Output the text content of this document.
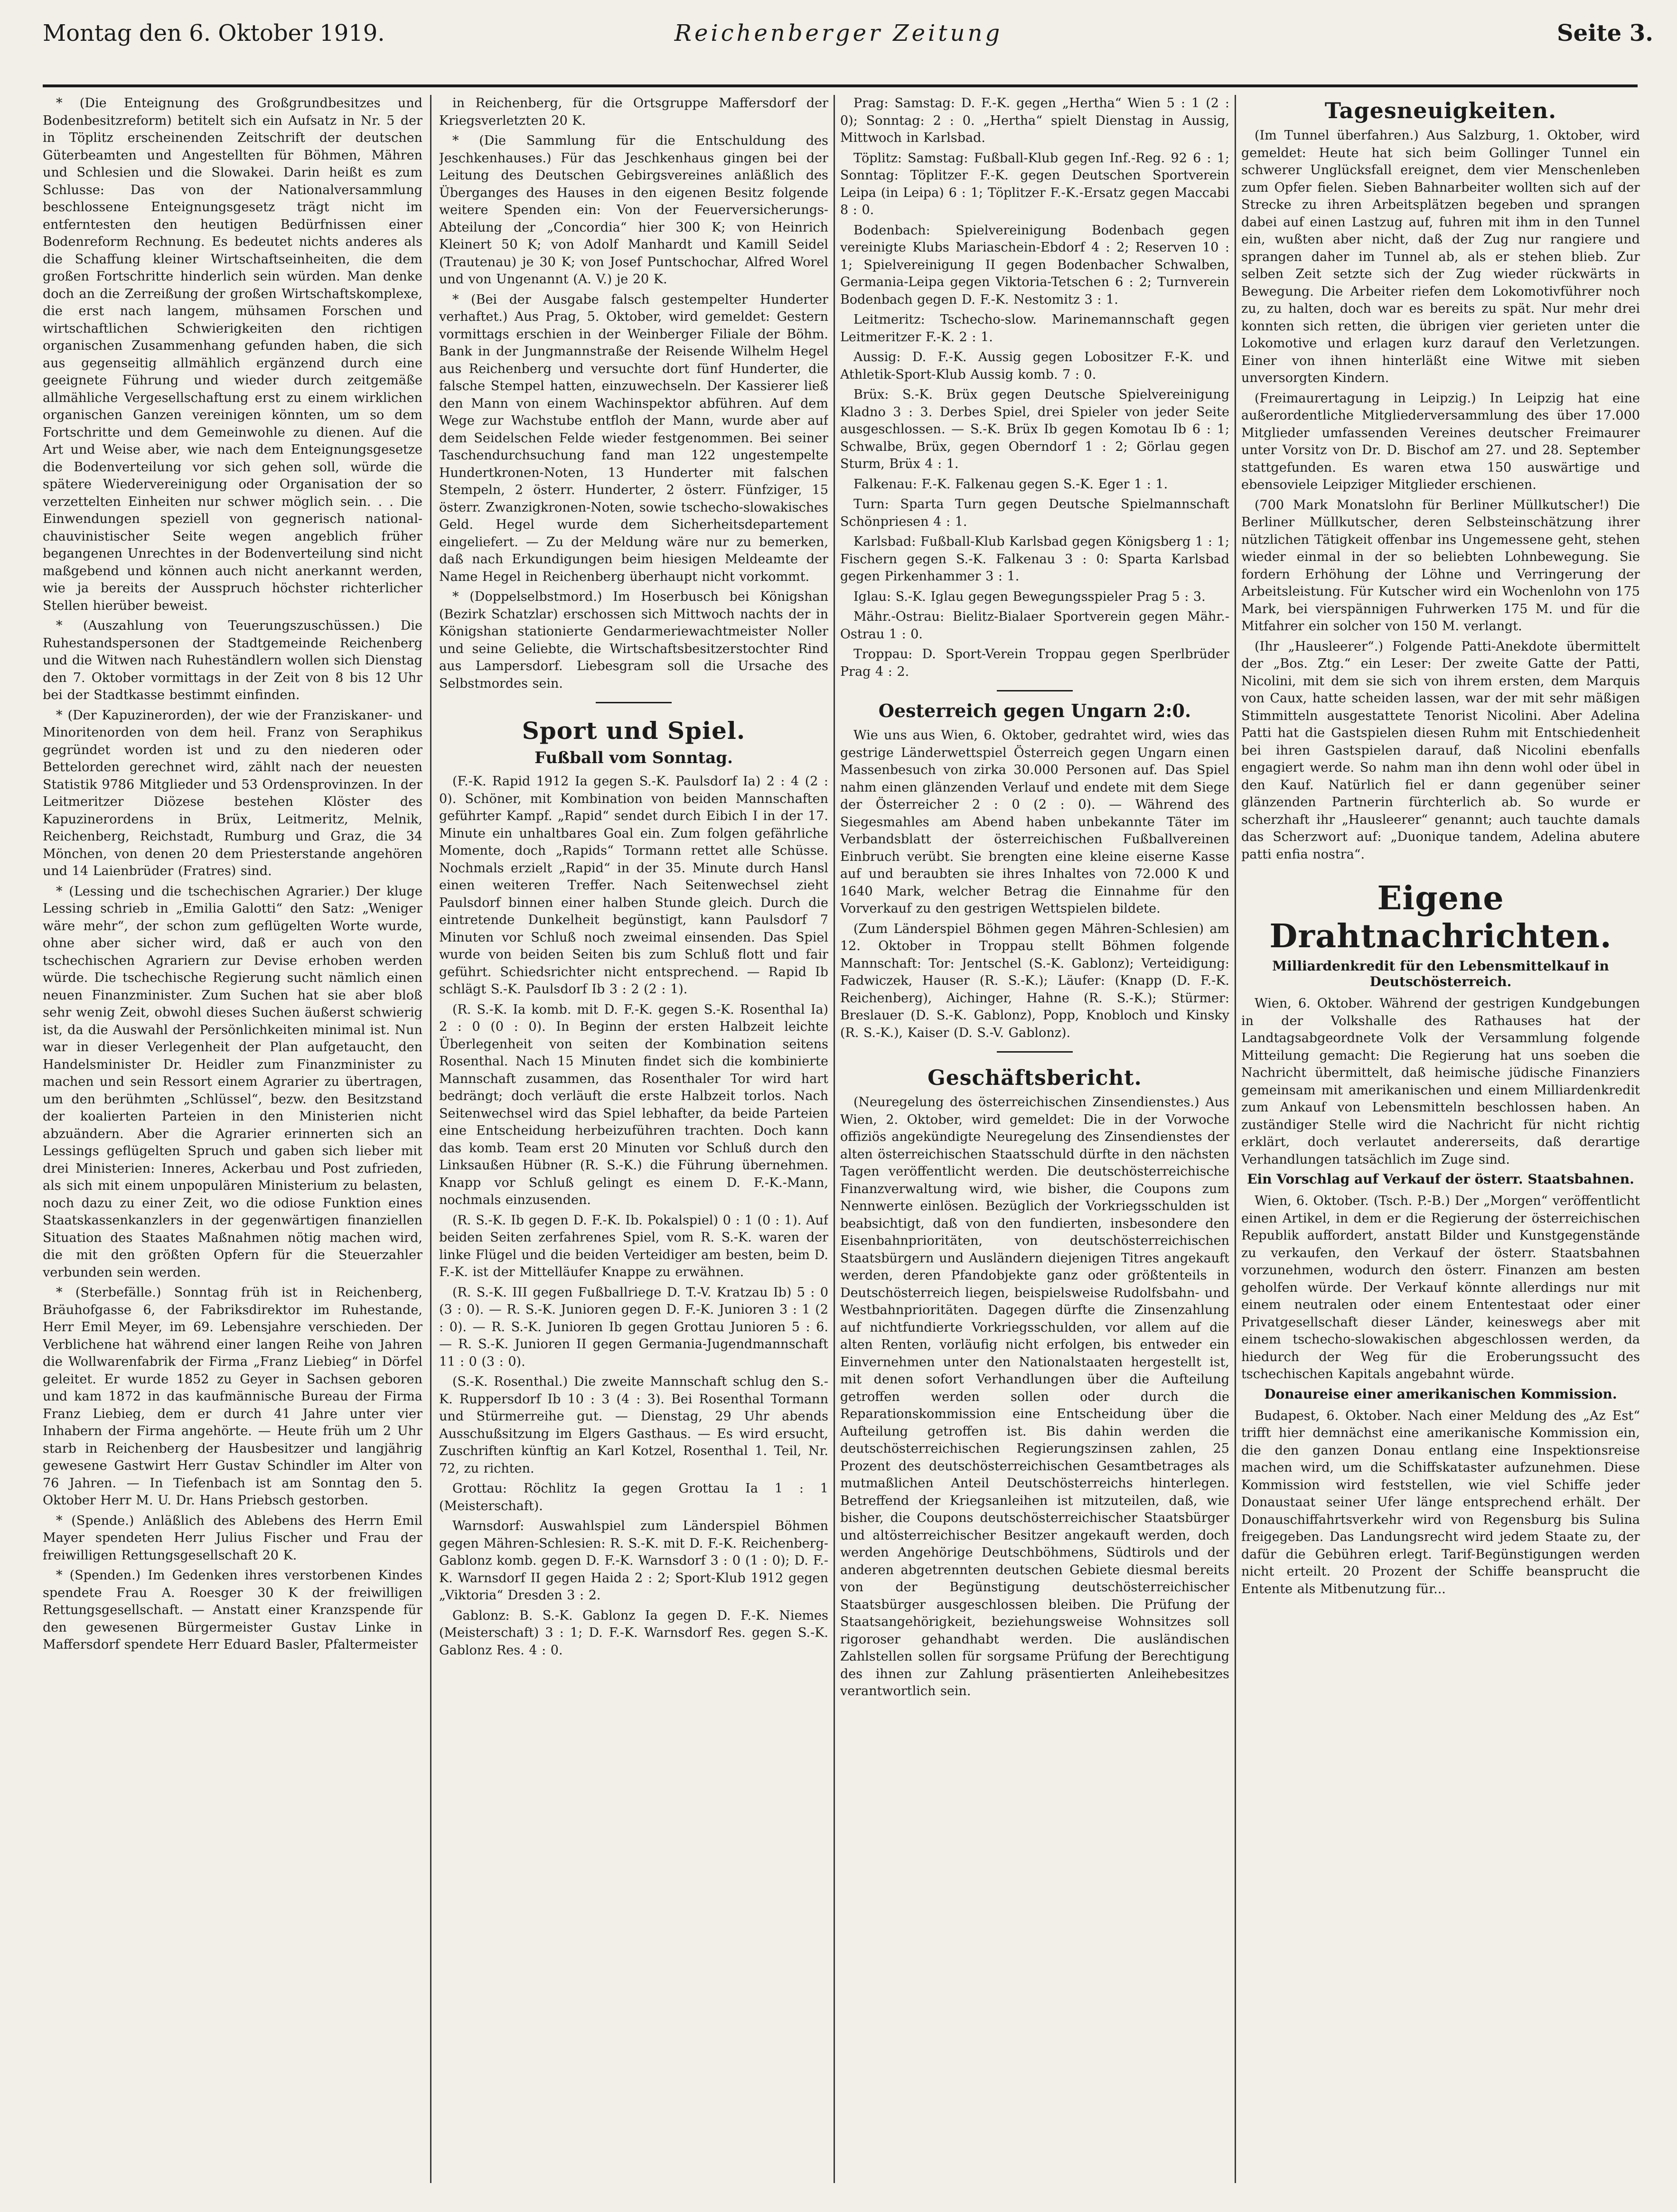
Montag den 6. Oktober 1919.	Reichenberger Zeitung	Seite 3.

* (Die Enteignung des Großgrundbesitzes und Bodenbesitzreform) betitelt sich ein Aufsatz in Nr. 5 der in Töplitz erscheinenden Zeitschrift der deutschen Güterbeamten und Angestellten für Böhmen, Mähren und Schlesien und die Slowakei. Darin heißt es zum Schlusse: Das von der Nationalversammlung beschlossene Enteignungsgesetz trägt nicht im entferntesten den heutigen Bedürfnissen einer Bodenreform Rechnung. Es bedeutet nichts anderes als die Schaffung kleiner Wirtschaftseinheiten, die dem großen Fortschritte hinderlich sein würden. Man denke doch an die Zerreißung der großen Wirtschaftskomplexe, die erst nach langem, mühsamen Forschen und wirtschaftlichen Schwierigkeiten den richtigen organischen Zusammenhang gefunden haben, die sich aus gegenseitig allmählich ergänzend durch eine geeignete Führung und wieder durch zeitgemäße allmähliche Vergesellschaftung erst zu einem wirklichen organischen Ganzen vereinigen könnten, um so dem Fortschritte und dem Gemeinwohle zu dienen. Auf die Art und Weise aber, wie nach dem Enteignungsgesetze die Bodenverteilung vor sich gehen soll, würde die spätere Wiedervereinigung oder Organisation der so verzettelten Einheiten nur schwer möglich sein. . . Die Einwendungen speziell von gegnerisch national-chauvinistischer Seite wegen angeblich früher begangenen Unrechtes in der Bodenverteilung sind nicht maßgebend und können auch nicht anerkannt werden, wie ja bereits der Ausspruch höchster richterlicher Stellen hierüber beweist.

* (Auszahlung von Teuerungszuschüssen.) Die Ruhestandspersonen der Stadtgemeinde Reichenberg und die Witwen nach Ruheständlern wollen sich Dienstag den 7. Oktober vormittags in der Zeit von 8 bis 12 Uhr bei der Stadtkasse bestimmt einfinden.

* (Der Kapuzinerorden), der wie der Franziskaner- und Minoritenorden von dem heil. Franz von Seraphikus gegründet worden ist und zu den niederen oder Bettelorden gerechnet wird, zählt nach der neuesten Statistik 9786 Mitglieder und 53 Ordensprovinzen. In der Leitmeritzer Diözese bestehen Klöster des Kapuzinerordens in Brüx, Leitmeritz, Melnik, Reichenberg, Reichstadt, Rumburg und Graz, die 34 Mönchen, von denen 20 dem Priesterstande angehören und 14 Laienbrüder (Fratres) sind.

* (Lessing und die tschechischen Agrarier.) Der kluge Lessing schrieb in „Emilia Galotti“ den Satz: „Weniger wäre mehr“, der schon zum geflügelten Worte wurde, ohne aber sicher wird, daß er auch von den tschechischen Agrariern zur Devise erhoben werden würde. Die tschechische Regierung sucht nämlich einen neuen Finanzminister. Zum Suchen hat sie aber bloß sehr wenig Zeit, obwohl dieses Suchen äußerst schwierig ist, da die Auswahl der Persönlichkeiten minimal ist. Nun war in dieser Verlegenheit der Plan aufgetaucht, den Handelsminister Dr. Heidler zum Finanzminister zu machen und sein Ressort einem Agrarier zu übertragen, um den berühmten „Schlüssel“, bezw. den Besitzstand der koalierten Parteien in den Ministerien nicht abzuändern. Aber die Agrarier erinnerten sich an Lessings geflügelten Spruch und gaben sich lieber mit drei Ministerien: Inneres, Ackerbau und Post zufrieden, als sich mit einem unpopulären Ministerium zu belasten, noch dazu zu einer Zeit, wo die odiose Funktion eines Staatskassenkanzlers in der gegenwärtigen finanziellen Situation des Staates Maßnahmen nötig machen wird, die mit den größten Opfern für die Steuerzahler verbunden sein werden.

* (Sterbefälle.) Sonntag früh ist in Reichenberg, Bräuhofgasse 6, der Fabriksdirektor im Ruhestande, Herr Emil Meyer, im 69. Lebensjahre verschieden. Der Verblichene hat während einer langen Reihe von Jahren die Wollwarenfabrik der Firma „Franz Liebieg“ in Dörfel geleitet. Er wurde 1852 zu Geyer in Sachsen geboren und kam 1872 in das kaufmännische Bureau der Firma Franz Liebieg, dem er durch 41 Jahre unter vier Inhabern der Firma angehörte. — Heute früh um 2 Uhr starb in Reichenberg der Hausbesitzer und langjährig gewesene Gastwirt Herr Gustav Schindler im Alter von 76 Jahren. — In Tiefenbach ist am Sonntag den 5. Oktober Herr M. U. Dr. Hans Priebsch gestorben.

* (Spende.) Anläßlich des Ablebens des Herrn Emil Mayer spendeten Herr Julius Fischer und Frau der freiwilligen Rettungsgesellschaft 20 K.

* (Spenden.) Im Gedenken ihres verstorbenen Kindes spendete Frau A. Roesger 30 K der freiwilligen Rettungsgesellschaft. — Anstatt einer Kranzspende für den gewesenen Bürgermeister Gustav Linke in Maffersdorf spendete Herr Eduard Basler, Pfaltermeister

in Reichenberg, für die Ortsgruppe Maffersdorf der Kriegsverletzten 20 K.

* (Die Sammlung für die Entschuldung des Jeschkenhauses.) Für das Jeschkenhaus gingen bei der Leitung des Deutschen Gebirgsvereines anläßlich des Überganges des Hauses in den eigenen Besitz folgende weitere Spenden ein: Von der Feuerversicherungs-Abteilung der „Concordia“ hier 300 K; von Heinrich Kleinert 50 K; von Adolf Manhardt und Kamill Seidel (Trautenau) je 30 K; von Josef Puntschochar, Alfred Worel und von Ungenannt (A. V.) je 20 K.

* (Bei der Ausgabe falsch gestempelter Hunderter verhaftet.) Aus Prag, 5. Oktober, wird gemeldet: Gestern vormittags erschien in der Weinberger Filiale der Böhm. Bank in der Jungmannstraße der Reisende Wilhelm Hegel aus Reichenberg und versuchte dort fünf Hunderter, die falsche Stempel hatten, einzuwechseln. Der Kassierer ließ den Mann von einem Wachinspektor abführen. Auf dem Wege zur Wachstube entfloh der Mann, wurde aber auf dem Seidelschen Felde wieder festgenommen. Bei seiner Taschendurchsuchung fand man 122 ungestempelte Hundertkronen-Noten, 13 Hunderter mit falschen Stempeln, 2 österr. Hunderter, 2 österr. Fünfziger, 15 österr. Zwanzigkronen-Noten, sowie tschecho-slowakisches Geld. Hegel wurde dem Sicherheitsdepartement eingeliefert. — Zu der Meldung wäre nur zu bemerken, daß nach Erkundigungen beim hiesigen Meldeamte der Name Hegel in Reichenberg überhaupt nicht vorkommt.

* (Doppelselbstmord.) Im Hoserbusch bei Königshan (Bezirk Schatzlar) erschossen sich Mittwoch nachts der in Königshan stationierte Gendarmeriewachtmeister Noller und seine Geliebte, die Wirtschaftsbesitzerstochter Rind aus Lampersdorf. Liebesgram soll die Ursache des Selbstmordes sein.

Sport und Spiel.
Fußball vom Sonntag.

(F.-K. Rapid 1912 Ia gegen S.-K. Paulsdorf Ia) 2 : 4 (2 : 0). Schöner, mit Kombination von beiden Mannschaften geführter Kampf. „Rapid“ sendet durch Eibich I in der 17. Minute ein unhaltbares Goal ein. Zum folgen gefährliche Momente, doch „Rapids“ Tormann rettet alle Schüsse. Nochmals erzielt „Rapid“ in der 35. Minute durch Hansl einen weiteren Treffer. Nach Seitenwechsel zieht Paulsdorf binnen einer halben Stunde gleich. Durch die eintretende Dunkelheit begünstigt, kann Paulsdorf 7 Minuten vor Schluß noch zweimal einsenden. Das Spiel wurde von beiden Seiten bis zum Schluß flott und fair geführt. Schiedsrichter nicht entsprechend. — Rapid Ib schlägt S.-K. Paulsdorf Ib 3 : 2 (2 : 1).

(R. S.-K. Ia komb. mit D. F.-K. gegen S.-K. Rosenthal Ia) 2 : 0 (0 : 0). In Beginn der ersten Halbzeit leichte Überlegenheit von seiten der Kombination seitens Rosenthal. Nach 15 Minuten findet sich die kombinierte Mannschaft zusammen, das Rosenthaler Tor wird hart bedrängt; doch verläuft die erste Halbzeit torlos. Nach Seitenwechsel wird das Spiel lebhafter, da beide Parteien eine Entscheidung herbeizuführen trachten. Doch kann das komb. Team erst 20 Minuten vor Schluß durch den Linksaußen Hübner (R. S.-K.) die Führung übernehmen. Knapp vor Schluß gelingt es einem D. F.-K.-Mann, nochmals einzusenden.

(R. S.-K. Ib gegen D. F.-K. Ib. Pokalspiel) 0 : 1 (0 : 1). Auf beiden Seiten zerfahrenes Spiel, vom R. S.-K. waren der linke Flügel und die beiden Verteidiger am besten, beim D. F.-K. ist der Mittelläufer Knappe zu erwähnen.

(R. S.-K. III gegen Fußballriege D. T.-V. Kratzau Ib) 5 : 0 (3 : 0). — R. S.-K. Junioren gegen D. F.-K. Junioren 3 : 1 (2 : 0). — R. S.-K. Junioren Ib gegen Grottau Junioren 5 : 6. — R. S.-K. Junioren II gegen Germania-Jugendmannschaft 11 : 0 (3 : 0).

(S.-K. Rosenthal.) Die zweite Mannschaft schlug den S.-K. Ruppersdorf Ib 10 : 3 (4 : 3). Bei Rosenthal Tormann und Stürmerreihe gut. — Dienstag, 29 Uhr abends Ausschußsitzung im Elgers Gasthaus. — Es wird ersucht, Zuschriften künftig an Karl Kotzel, Rosenthal 1. Teil, Nr. 72, zu richten.

Grottau: Röchlitz Ia gegen Grottau Ia 1 : 1 (Meisterschaft).

Warnsdorf: Auswahlspiel zum Länderspiel Böhmen gegen Mähren-Schlesien: R. S.-K. mit D. F.-K. Reichenberg-Gablonz komb. gegen D. F.-K. Warnsdorf 3 : 0 (1 : 0); D. F.-K. Warnsdorf II gegen Haida 2 : 2; Sport-Klub 1912 gegen „Viktoria“ Dresden 3 : 2.

Gablonz: B. S.-K. Gablonz Ia gegen D. F.-K. Niemes (Meisterschaft) 3 : 1; D. F.-K. Warnsdorf Res. gegen S.-K. Gablonz Res. 4 : 0.

Prag: Samstag: D. F.-K. gegen „Hertha“ Wien 5 : 1 (2 : 0); Sonntag: 2 : 0. „Hertha“ spielt Dienstag in Aussig, Mittwoch in Karlsbad.

Töplitz: Samstag: Fußball-Klub gegen Inf.-Reg. 92 6 : 1; Sonntag: Töplitzer F.-K. gegen Deutschen Sportverein Leipa (in Leipa) 6 : 1; Töplitzer F.-K.-Ersatz gegen Maccabi 8 : 0.

Bodenbach: Spielvereinigung Bodenbach gegen vereinigte Klubs Mariaschein-Ebdorf 4 : 2; Reserven 10 : 1; Spielvereinigung II gegen Bodenbacher Schwalben, Germania-Leipa gegen Viktoria-Tetschen 6 : 2; Turnverein Bodenbach gegen D. F.-K. Nestomitz 3 : 1.

Leitmeritz: Tschecho-slow. Marinemannschaft gegen Leitmeritzer F.-K. 2 : 1.

Aussig: D. F.-K. Aussig gegen Lobositzer F.-K. und Athletik-Sport-Klub Aussig komb. 7 : 0.

Brüx: S.-K. Brüx gegen Deutsche Spielvereinigung Kladno 3 : 3. Derbes Spiel, drei Spieler von jeder Seite ausgeschlossen. — S.-K. Brüx Ib gegen Komotau Ib 6 : 1; Schwalbe, Brüx, gegen Oberndorf 1 : 2; Görlau gegen Sturm, Brüx 4 : 1.

Falkenau: F.-K. Falkenau gegen S.-K. Eger 1 : 1.

Turn: Sparta Turn gegen Deutsche Spielmannschaft Schönpriesen 4 : 1.

Karlsbad: Fußball-Klub Karlsbad gegen Königsberg 1 : 1; Fischern gegen S.-K. Falkenau 3 : 0: Sparta Karlsbad gegen Pirkenhammer 3 : 1.

Iglau: S.-K. Iglau gegen Bewegungsspieler Prag 5 : 3.

Mähr.-Ostrau: Bielitz-Bialaer Sportverein gegen Mähr.-Ostrau 1 : 0.

Troppau: D. Sport-Verein Troppau gegen Sperlbrüder Prag 4 : 2.

Oesterreich gegen Ungarn 2:0.

Wie uns aus Wien, 6. Oktober, gedrahtet wird, wies das gestrige Länderwettspiel Österreich gegen Ungarn einen Massenbesuch von zirka 30.000 Personen auf. Das Spiel nahm einen glänzenden Verlauf und endete mit dem Siege der Österreicher 2 : 0 (2 : 0). — Während des Siegesmahles am Abend haben unbekannte Täter im Verbandsblatt der österreichischen Fußballvereinen Einbruch verübt. Sie brengten eine kleine eiserne Kasse auf und beraubten sie ihres Inhaltes von 72.000 K und 1640 Mark, welcher Betrag die Einnahme für den Vorverkauf zu den gestrigen Wettspielen bildete.

(Zum Länderspiel Böhmen gegen Mähren-Schlesien) am 12. Oktober in Troppau stellt Böhmen folgende Mannschaft: Tor: Jentschel (S.-K. Gablonz); Verteidigung: Fadwiczek, Hauser (R. S.-K.); Läufer: (Knapp (D. F.-K. Reichenberg), Aichinger, Hahne (R. S.-K.); Stürmer: Breslauer (D. S.-K. Gablonz), Popp, Knobloch und Kinsky (R. S.-K.), Kaiser (D. S.-V. Gablonz).

Geschäftsbericht.

(Neuregelung des österreichischen Zinsendienstes.) Aus Wien, 2. Oktober, wird gemeldet: Die in der Vorwoche offiziös angekündigte Neuregelung des Zinsendienstes der alten österreichischen Staatsschuld dürfte in den nächsten Tagen veröffentlicht werden. Die deutschösterreichische Finanzverwaltung wird, wie bisher, die Coupons zum Nennwerte einlösen. Bezüglich der Vorkriegsschulden ist beabsichtigt, daß von den fundierten, insbesondere den Eisenbahnprioritäten, von deutschösterreichischen Staatsbürgern und Ausländern diejenigen Titres angekauft werden, deren Pfandobjekte ganz oder größtenteils in Deutschösterreich liegen, beispielsweise Rudolfsbahn- und Westbahnprioritäten. Dagegen dürfte die Zinsenzahlung auf nichtfundierte Vorkriegsschulden, vor allem auf die alten Renten, vorläufig nicht erfolgen, bis entweder ein Einvernehmen unter den Nationalstaaten hergestellt ist, mit denen sofort Verhandlungen über die Aufteilung getroffen werden sollen oder durch die Reparationskommission eine Entscheidung über die Aufteilung getroffen ist. Bis dahin werden die deutschösterreichischen Regierungszinsen zahlen, 25 Prozent des deutschösterreichischen Gesamtbetrages als mutmaßlichen Anteil Deutschösterreichs hinterlegen. Betreffend der Kriegsanleihen ist mitzuteilen, daß, wie bisher, die Coupons deutschösterreichischer Staatsbürger und altösterreichischer Besitzer angekauft werden, doch werden Angehörige Deutschböhmens, Südtirols und der anderen abgetrennten deutschen Gebiete diesmal bereits von der Begünstigung deutschösterreichischer Staatsbürger ausgeschlossen bleiben. Die Prüfung der Staatsangehörigkeit, beziehungsweise Wohnsitzes soll rigoroser gehandhabt werden. Die ausländischen Zahlstellen sollen für sorgsame Prüfung der Berechtigung des ihnen zur Zahlung präsentierten Anleihebesitzes verantwortlich sein.

Tagesneuigkeiten.

(Im Tunnel überfahren.) Aus Salzburg, 1. Oktober, wird gemeldet: Heute hat sich beim Gollinger Tunnel ein schwerer Unglücksfall ereignet, dem vier Menschenleben zum Opfer fielen. Sieben Bahnarbeiter wollten sich auf der Strecke zu ihren Arbeitsplätzen begeben und sprangen dabei auf einen Lastzug auf, fuhren mit ihm in den Tunnel ein, wußten aber nicht, daß der Zug nur rangiere und sprangen daher im Tunnel ab, als er stehen blieb. Zur selben Zeit setzte sich der Zug wieder rückwärts in Bewegung. Die Arbeiter riefen dem Lokomotivführer noch zu, zu halten, doch war es bereits zu spät. Nur mehr drei konnten sich retten, die übrigen vier gerieten unter die Lokomotive und erlagen kurz darauf den Verletzungen. Einer von ihnen hinterläßt eine Witwe mit sieben unversorgten Kindern.

(Freimaurertagung in Leipzig.) In Leipzig hat eine außerordentliche Mitgliederversammlung des über 17.000 Mitglieder umfassenden Vereines deutscher Freimaurer unter Vorsitz von Dr. D. Bischof am 27. und 28. September stattgefunden. Es waren etwa 150 auswärtige und ebensoviele Leipziger Mitglieder erschienen.

(700 Mark Monatslohn für Berliner Müllkutscher!) Die Berliner Müllkutscher, deren Selbsteinschätzung ihrer nützlichen Tätigkeit offenbar ins Ungemessene geht, stehen wieder einmal in der so beliebten Lohnbewegung. Sie fordern Erhöhung der Löhne und Verringerung der Arbeitsleistung. Für Kutscher wird ein Wochenlohn von 175 Mark, bei vierspännigen Fuhrwerken 175 M. und für die Mitfahrer ein solcher von 150 M. verlangt.

(Ihr „Hausleerer“.) Folgende Patti-Anekdote übermittelt der „Bos. Ztg.“ ein Leser: Der zweite Gatte der Patti, Nicolini, mit dem sie sich von ihrem ersten, dem Marquis von Caux, hatte scheiden lassen, war der mit sehr mäßigen Stimmitteln ausgestattete Tenorist Nicolini. Aber Adelina Patti hat die Gastspielen diesen Ruhm mit Entschiedenheit bei ihren Gastspielen darauf, daß Nicolini ebenfalls engagiert werde. So nahm man ihn denn wohl oder übel in den Kauf. Natürlich fiel er dann gegenüber seiner glänzenden Partnerin fürchterlich ab. So wurde er scherzhaft ihr „Hausleerer“ genannt; auch tauchte damals das Scherzwort auf: „Duonique tandem, Adelina abutere patti enfia nostra“.

Eigene Drahtnachrichten.
Milliardenkredit für den Lebensmittelkauf in Deutschösterreich.

Wien, 6. Oktober. Während der gestrigen Kundgebungen in der Volkshalle des Rathauses hat der Landtagsabgeordnete Volk der Versammlung folgende Mitteilung gemacht: Die Regierung hat uns soeben die Nachricht übermittelt, daß heimische jüdische Finanziers gemeinsam mit amerikanischen und einem Milliardenkredit zum Ankauf von Lebensmitteln beschlossen haben. An zuständiger Stelle wird die Nachricht für nicht richtig erklärt, doch verlautet andererseits, daß derartige Verhandlungen tatsächlich im Zuge sind.

Ein Vorschlag auf Verkauf der österr. Staatsbahnen.

Wien, 6. Oktober. (Tsch. P.-B.) Der „Morgen“ veröffentlicht einen Artikel, in dem er die Regierung der österreichischen Republik auffordert, anstatt Bilder und Kunstgegenstände zu verkaufen, den Verkauf der österr. Staatsbahnen vorzunehmen, wodurch den österr. Finanzen am besten geholfen würde. Der Verkauf könnte allerdings nur mit einem neutralen oder einem Ententestaat oder einer Privatgesellschaft dieser Länder, keineswegs aber mit einem tschecho-slowakischen abgeschlossen werden, da hiedurch der Weg für die Eroberungssucht des tschechischen Kapitals angebahnt würde.

Donaureise einer amerikanischen Kommission.

Budapest, 6. Oktober. Nach einer Meldung des „Az Est“ trifft hier demnächst eine amerikanische Kommission ein, die den ganzen Donau entlang eine Inspektionsreise machen wird, um die Schiffskataster aufzunehmen. Diese Kommission wird feststellen, wie viel Schiffe jeder Donaustaat seiner Ufer länge entsprechend erhält. Der Donauschiffahrtsverkehr wird von Regensburg bis Sulina freigegeben. Das Landungsrecht wird jedem Staate zu, der dafür die Gebühren erlegt. Tarif-Begünstigungen werden nicht erteilt. 20 Prozent der Schiffe beansprucht die Entente als Mitbenutzung für...
